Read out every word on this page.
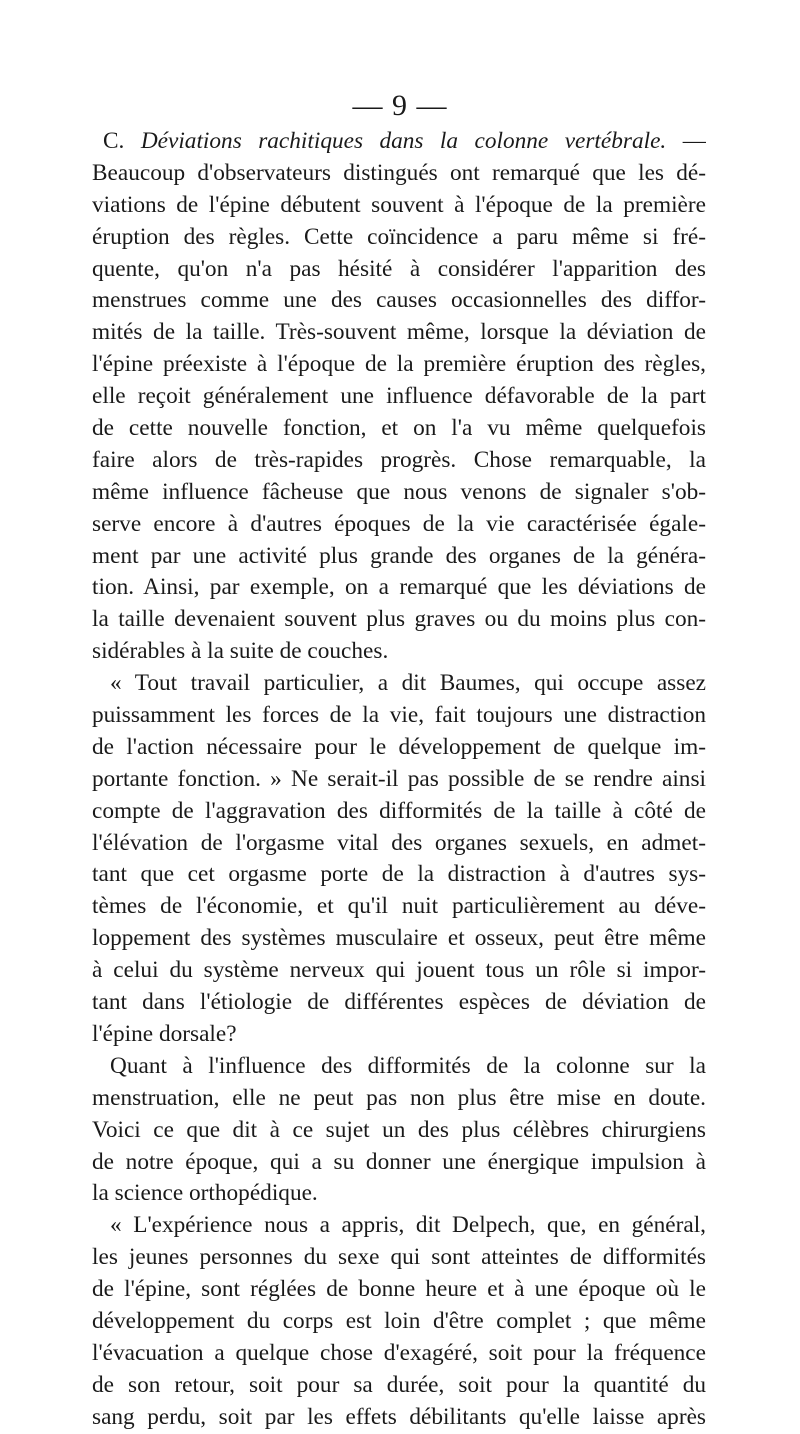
— 9 —
C. Déviations rachitiques dans la colonne vertébrale. —
Beaucoup d'observateurs distingués ont remarqué que les dé-
viations de l'épine débutent souvent à l'époque de la première
éruption des règles. Cette coïncidence a paru même si fré-
quente, qu'on n'a pas hésité à considérer l'apparition des
menstrues comme une des causes occasionnelles des diffor-
mités de la taille. Très-souvent même, lorsque la déviation de
l'épine préexiste à l'époque de la première éruption des règles,
elle reçoit généralement une influence défavorable de la part
de cette nouvelle fonction, et on l'a vu même quelquefois
faire alors de très-rapides progrès. Chose remarquable, la
même influence fâcheuse que nous venons de signaler s'ob-
serve encore à d'autres époques de la vie caractérisée égale-
ment par une activité plus grande des organes de la généra-
tion. Ainsi, par exemple, on a remarqué que les déviations de
la taille devenaient souvent plus graves ou du moins plus con-
sidérables à la suite de couches.
« Tout travail particulier, a dit Baumes, qui occupe assez
puissamment les forces de la vie, fait toujours une distraction
de l'action nécessaire pour le développement de quelque im-
portante fonction. » Ne serait-il pas possible de se rendre ainsi
compte de l'aggravation des difformités de la taille à côté de
l'élévation de l'orgasme vital des organes sexuels, en admet-
tant que cet orgasme porte de la distraction à d'autres sys-
tèmes de l'économie, et qu'il nuit particulièrement au déve-
loppement des systèmes musculaire et osseux, peut être même
à celui du système nerveux qui jouent tous un rôle si impor-
tant dans l'étiologie de différentes espèces de déviation de
l'épine dorsale?
Quant à l'influence des difformités de la colonne sur la
menstruation, elle ne peut pas non plus être mise en doute.
Voici ce que dit à ce sujet un des plus célèbres chirurgiens
de notre époque, qui a su donner une énergique impulsion à
la science orthopédique.
« L'expérience nous a appris, dit Delpech, que, en général,
les jeunes personnes du sexe qui sont atteintes de difformités
de l'épine, sont réglées de bonne heure et à une époque où le
développement du corps est loin d'être complet ; que même
l'évacuation a quelque chose d'exagéré, soit pour la fréquence
de son retour, soit pour sa durée, soit pour la quantité du
sang perdu, soit par les effets débilitants qu'elle laisse après
